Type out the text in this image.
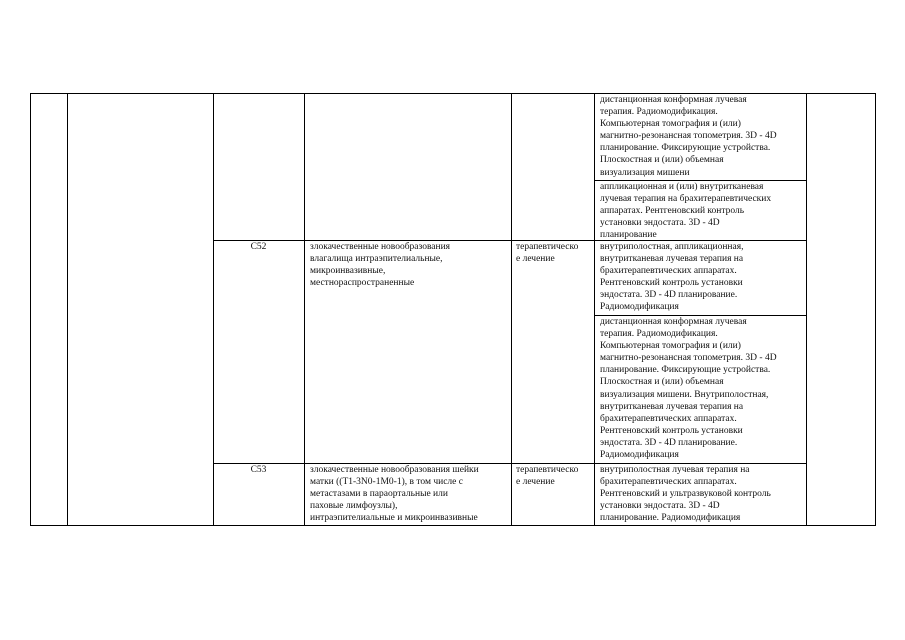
дистанционная конформная лучевая
терапия. Радиомодификация.
Компьютерная томография и (или)
магнитно-резонансная топометрия. 3D - 4D
планирование. Фиксирующие устройства.
Плоскостная и (или) объемная
визуализация мишени
аппликационная и (или) внутритканевая
лучевая терапия на брахитерапевтических
аппаратах. Рентгеновский контроль
установки эндостата. 3D - 4D
планирование
C52	злокачественные новообразования
влагалища интраэпителиальные,
микроинвазивные,
местнораспространенные
терапевтическо
е лечение
внутриполостная, аппликационная,
внутритканевая лучевая терапия на
брахитерапевтических аппаратах.
Рентгеновский контроль установки
эндостата. 3D - 4D планирование.
Радиомодификация
дистанционная конформная лучевая
терапия. Радиомодификация.
Компьютерная томография и (или)
магнитно-резонансная топометрия. 3D - 4D
планирование. Фиксирующие устройства.
Плоскостная и (или) объемная
визуализация мишени. Внутриполостная,
внутритканевая лучевая терапия на
брахитерапевтических аппаратах.
Рентгеновский контроль установки
эндостата. 3D - 4D планирование.
Радиомодификация
C53	злокачественные новообразования шейки
матки ((T1-3N0-1M0-1), в том числе с
метастазами в параортальные или
паховые лимфоузлы),
интраэпителиальные и микроинвазивные
терапевтическо
е лечение
внутриполостная лучевая терапия на
брахитерапевтических аппаратах.
Рентгеновский и ультразвуковой контроль
установки эндостата. 3D - 4D
планирование. Радиомодификация
